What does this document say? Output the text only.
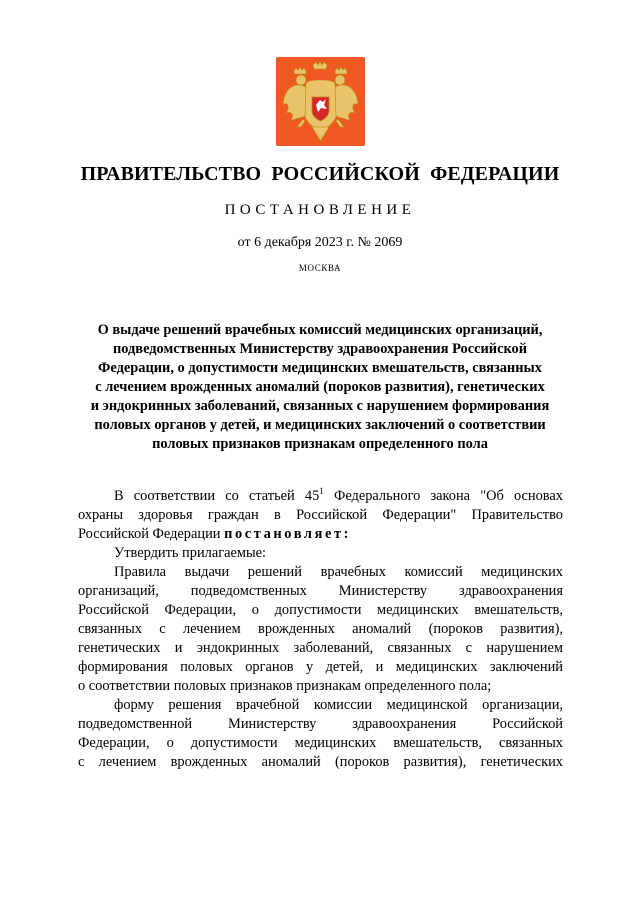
ПРАВИТЕЛЬСТВО  РОССИЙСКОЙ  ФЕДЕРАЦИИ
ПОСТАНОВЛЕНИЕ
от 6 декабря 2023 г. № 2069
МОСКВА
О выдаче решений врачебных комиссий медицинских организаций,
подведомственных Министерству здравоохранения Российской
Федерации, о допустимости медицинских вмешательств, связанных
с лечением врожденных аномалий (пороков развития), генетических
и эндокринных заболеваний, связанных с нарушением формирования
половых органов у детей, и медицинских заключений о соответствии
половых признаков признакам определенного пола
В соответствии со статьей $45^1$ Федерального закона "Об основах
охраны здоровья граждан в Российской Федерации" Правительство
Российской Федерации постановляет:
Утвердить прилагаемые:
Правила выдачи решений врачебных комиссий медицинских
организаций, подведомственных Министерству здравоохранения
Российской Федерации, о допустимости медицинских вмешательств,
связанных с лечением врожденных аномалий (пороков развития),
генетических и эндокринных заболеваний, связанных с нарушением
формирования половых органов у детей, и медицинских заключений
о соответствии половых признаков признакам определенного пола;
форму решения врачебной комиссии медицинской организации,
подведомственной Министерству здравоохранения Российской
Федерации, о допустимости медицинских вмешательств, связанных
с лечением врожденных аномалий (пороков развития), генетических
